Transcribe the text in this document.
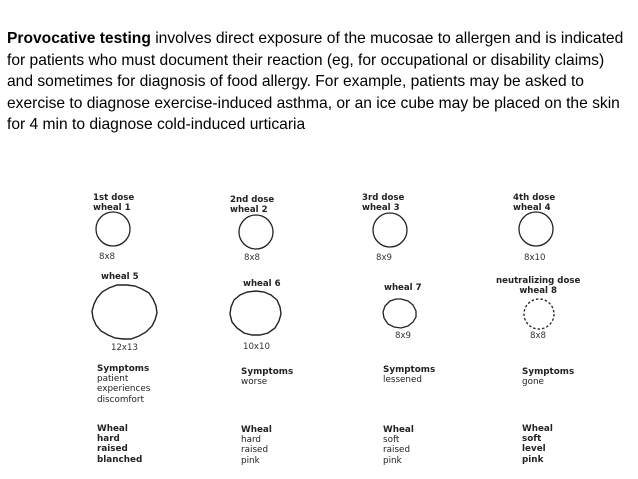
Provocative testing involves direct exposure of the mucosae to allergen and is indicated for patients who must document their reaction (eg, for occupational or disability claims) and sometimes for diagnosis of food allergy. For example, patients may be asked to exercise to diagnose exercise-induced asthma, or an ice cube may be placed on the skin for 4 min to diagnose cold-induced urticaria
1st dose
wheal 1
2nd dose
wheal 2
3rd dose
wheal 3
4th dose
wheal 4
8x8	8x8	8x9	8x10
wheal 5
wheal 6	wheal 7
neutralizing dose
wheal 8
12x13	10x10
8x9	8x8
Symptoms
patient
experiences
discomfort
Symptoms
worse
Symptoms
lessened
Symptoms
gone
Wheal
hard
raised
blanched
Wheal
hard
raised
pink
Wheal
soft
raised
pink
Wheal
soft
level
pink
